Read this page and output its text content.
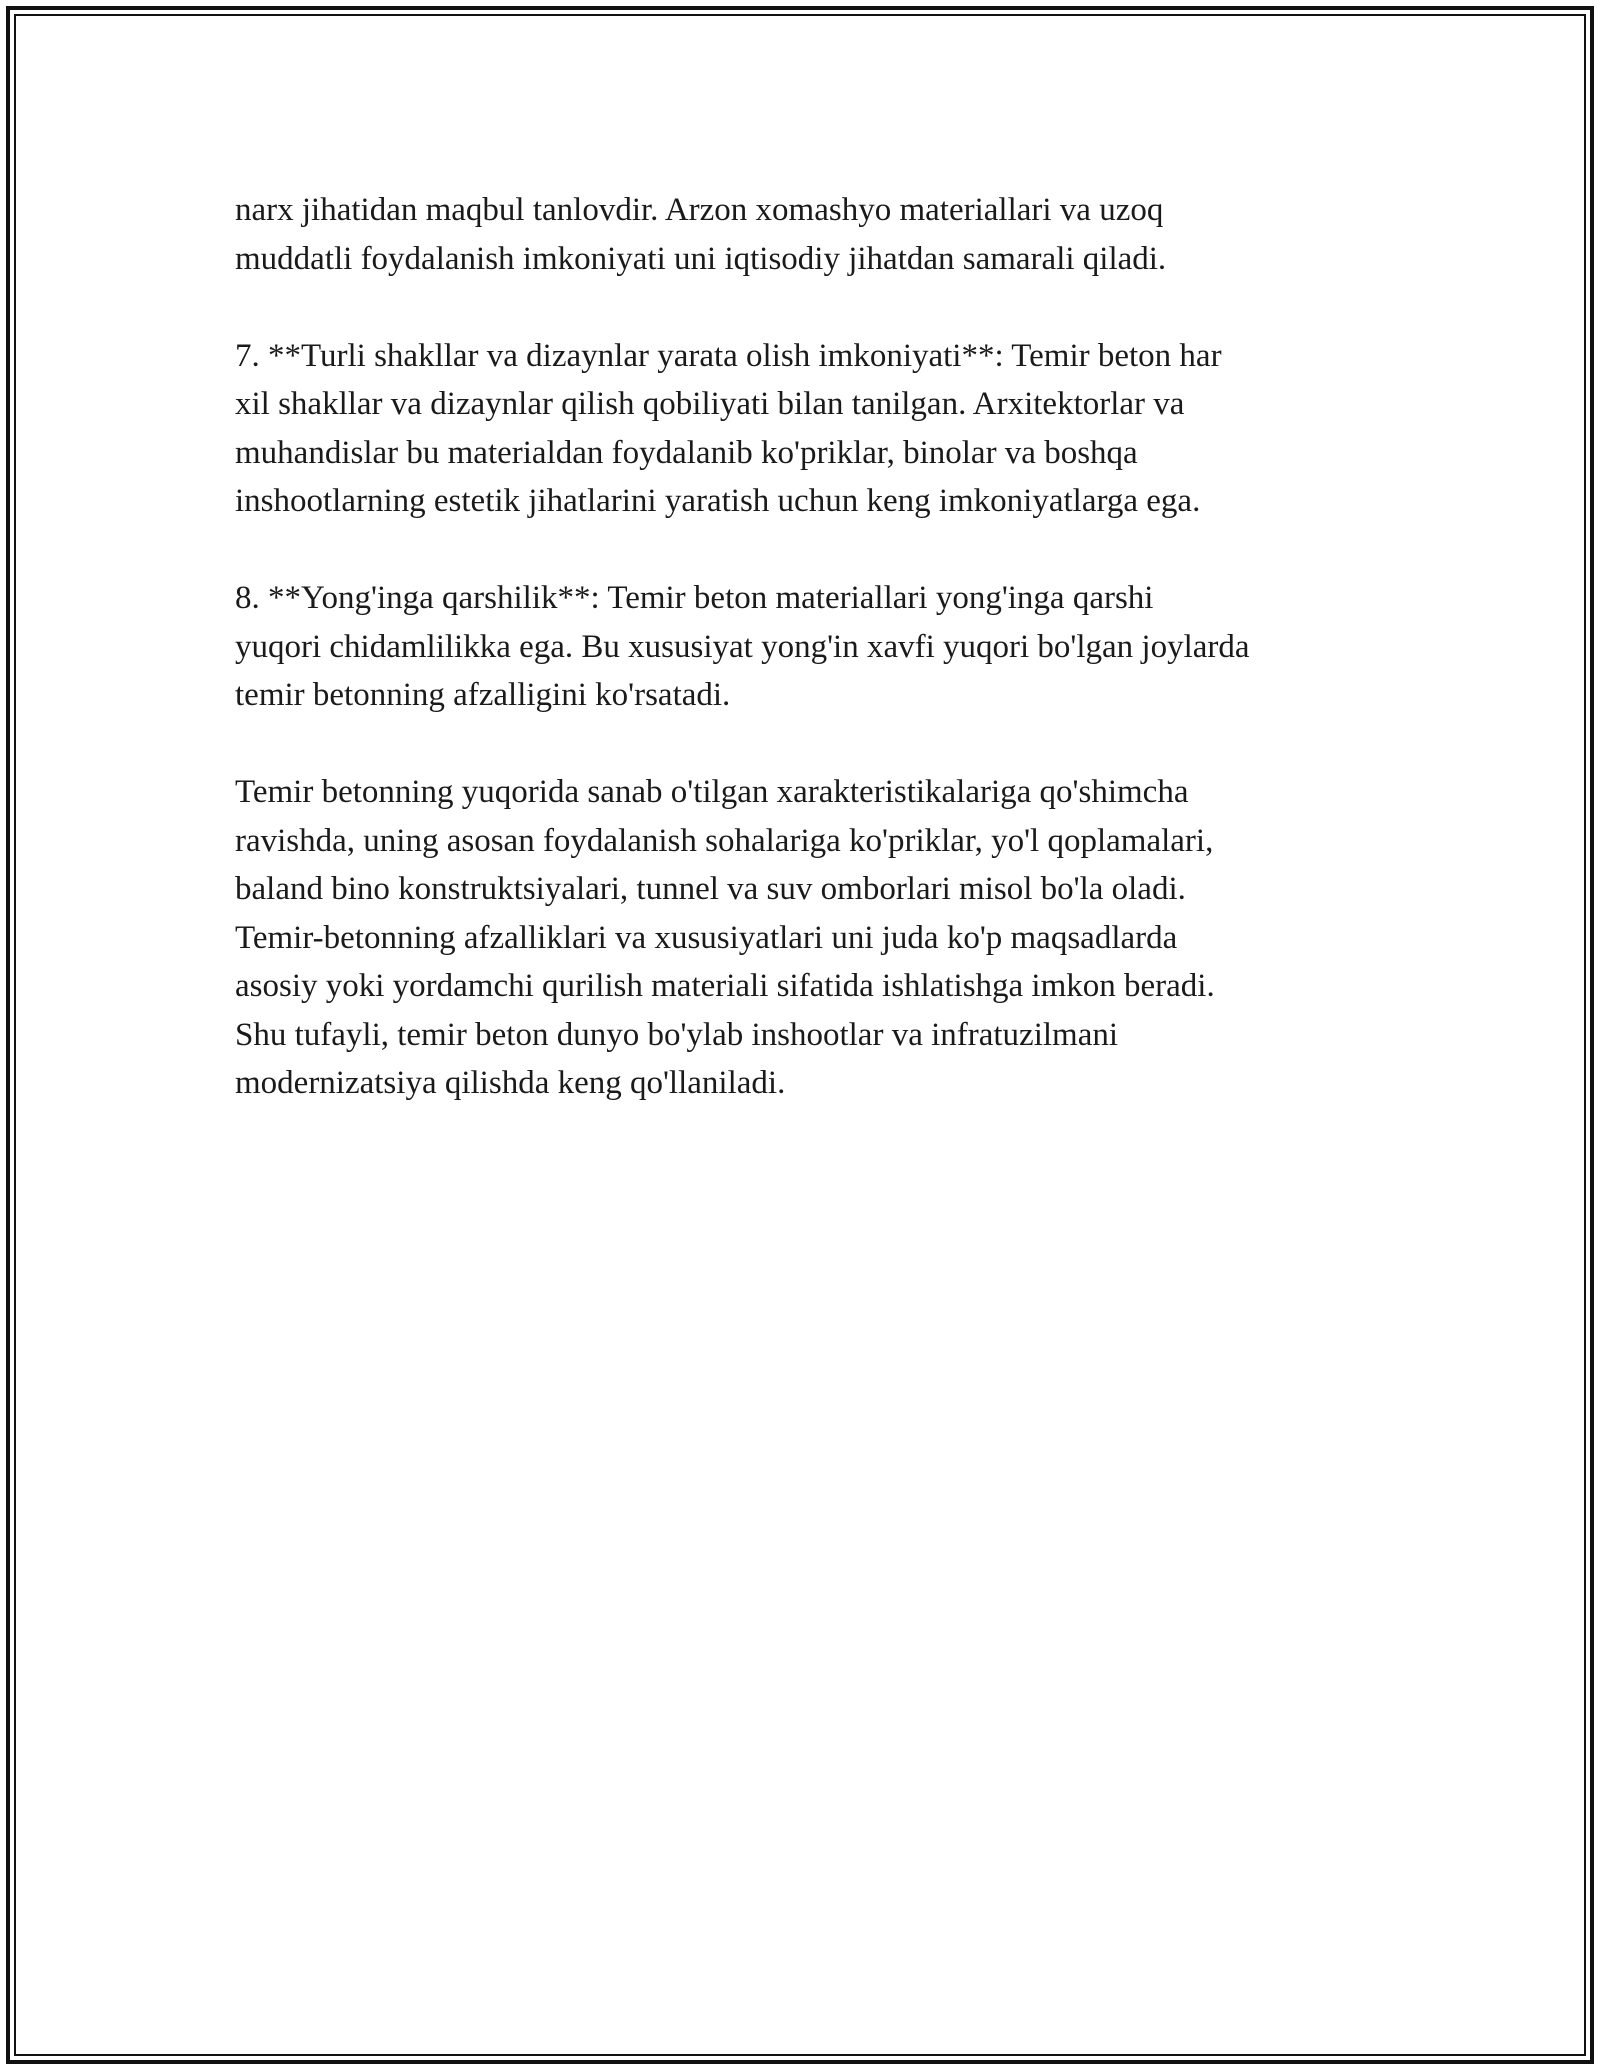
narx jihatidan maqbul tanlovdir. Arzon xomashyo materiallari va uzoq
muddatli foydalanish imkoniyati uni iqtisodiy jihatdan samarali qiladi.
7. **Turli shakllar va dizaynlar yarata olish imkoniyati**: Temir beton har
xil shakllar va dizaynlar qilish qobiliyati bilan tanilgan. Arxitektorlar va
muhandislar bu materialdan foydalanib ko'priklar, binolar va boshqa
inshootlarning estetik jihatlarini yaratish uchun keng imkoniyatlarga ega.
8. **Yong'inga qarshilik**: Temir beton materiallari yong'inga qarshi
yuqori chidamlilikka ega. Bu xususiyat yong'in xavfi yuqori bo'lgan joylarda
temir betonning afzalligini ko'rsatadi.
Temir betonning yuqorida sanab o'tilgan xarakteristikalariga qo'shimcha
ravishda, uning asosan foydalanish sohalariga ko'priklar, yo'l qoplamalari,
baland bino konstruktsiyalari, tunnel va suv omborlari misol bo'la oladi.
Temir-betonning afzalliklari va xususiyatlari uni juda ko'p maqsadlarda
asosiy yoki yordamchi qurilish materiali sifatida ishlatishga imkon beradi.
Shu tufayli, temir beton dunyo bo'ylab inshootlar va infratuzilmani
modernizatsiya qilishda keng qo'llaniladi.
